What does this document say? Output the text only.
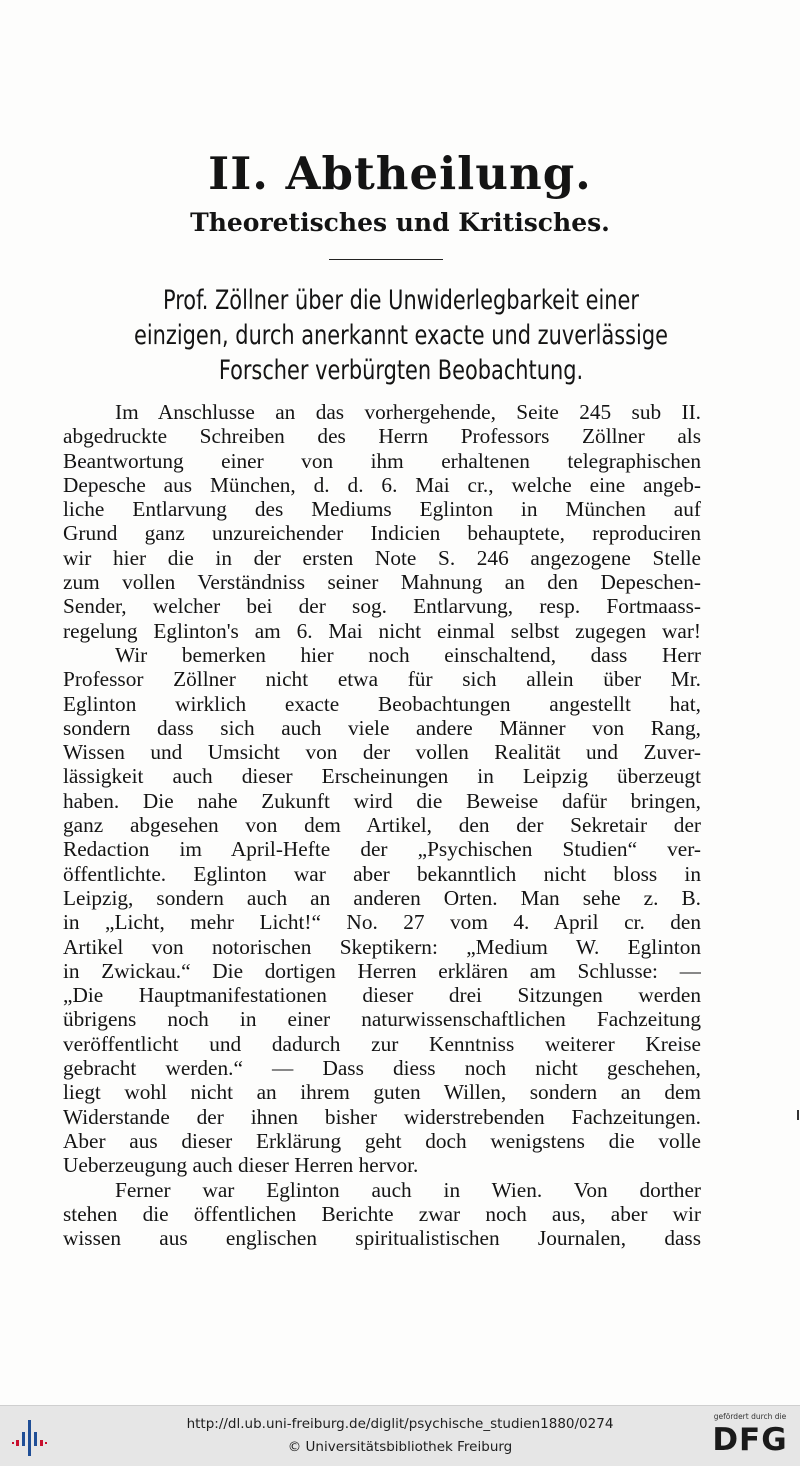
II. Abtheilung.
Theoretisches und Kritisches.
Prof. Zöllner über die Unwiderlegbarkeit einer
einzigen, durch anerkannt exacte und zuverlässige
Forscher verbürgten Beobachtung.
Im Anschlusse an das vorhergehende, Seite 245 sub II.
abgedruckte Schreiben des Herrn Professors Zöllner als
Beantwortung einer von ihm erhaltenen telegraphischen
Depesche aus München, d. d. 6. Mai cr., welche eine angeb-
liche Entlarvung des Mediums Eglinton in München auf
Grund ganz unzureichender Indicien behauptete, reproduciren
wir hier die in der ersten Note S. 246 angezogene Stelle
zum vollen Verständniss seiner Mahnung an den Depeschen-
Sender, welcher bei der sog. Entlarvung, resp. Fortmaass-
regelung Eglinton's am 6. Mai nicht einmal selbst zugegen war!
Wir bemerken hier noch einschaltend, dass Herr
Professor Zöllner nicht etwa für sich allein über Mr.
Eglinton wirklich exacte Beobachtungen angestellt hat,
sondern dass sich auch viele andere Männer von Rang,
Wissen und Umsicht von der vollen Realität und Zuver-
lässigkeit auch dieser Erscheinungen in Leipzig überzeugt
haben. Die nahe Zukunft wird die Beweise dafür bringen,
ganz abgesehen von dem Artikel, den der Sekretair der
Redaction im April-Hefte der „Psychischen Studien“ ver-
öffentlichte. Eglinton war aber bekanntlich nicht bloss in
Leipzig, sondern auch an anderen Orten. Man sehe z. B.
in „Licht, mehr Licht!“ No. 27 vom 4. April cr. den
Artikel von notorischen Skeptikern: „Medium W. Eglinton
in Zwickau.“ Die dortigen Herren erklären am Schlusse: —
„Die Hauptmanifestationen dieser drei Sitzungen werden
übrigens noch in einer naturwissenschaftlichen Fachzeitung
veröffentlicht und dadurch zur Kenntniss weiterer Kreise
gebracht werden.“ — Dass diess noch nicht geschehen,
liegt wohl nicht an ihrem guten Willen, sondern an dem
Widerstande der ihnen bisher widerstrebenden Fachzeitungen.
Aber aus dieser Erklärung geht doch wenigstens die volle
Ueberzeugung auch dieser Herren hervor.
Ferner war Eglinton auch in Wien. Von dorther
stehen die öffentlichen Berichte zwar noch aus, aber wir
wissen aus englischen spiritualistischen Journalen, dass
http://dl.ub.uni-freiburg.de/diglit/psychische_studien1880/0274
© Universitätsbibliothek Freiburg
gefördert durch die
DFG
